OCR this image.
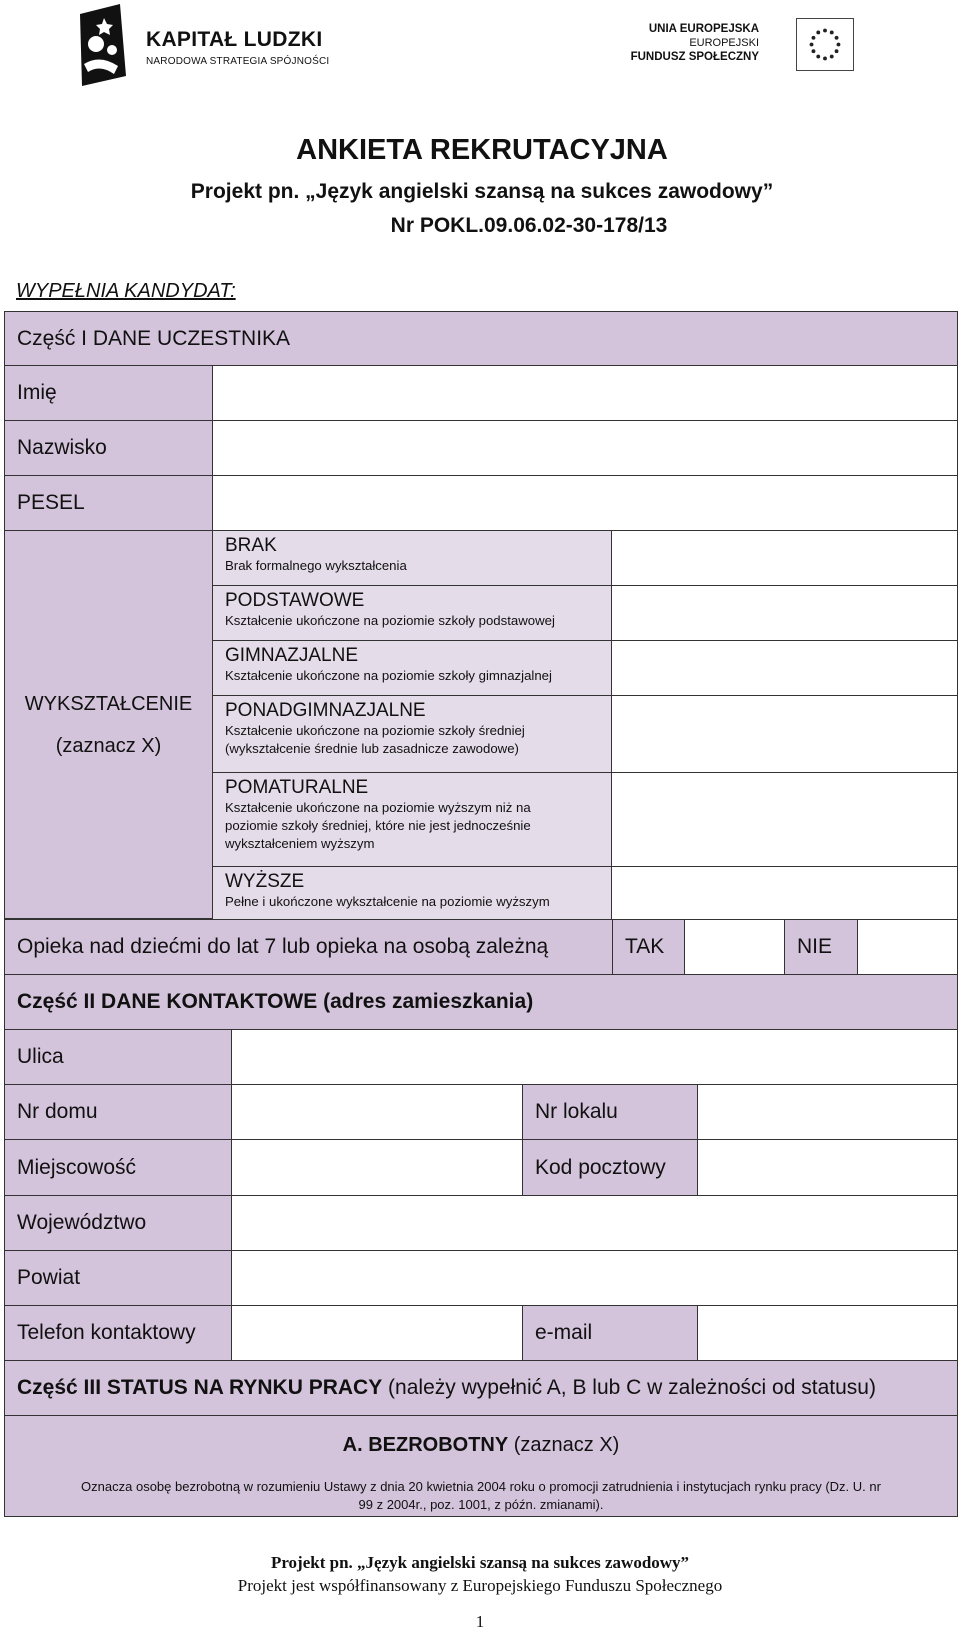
KAPITAŁ LUDZKI
NARODOWA STRATEGIA SPÓJNOŚCI
UNIA EUROPEJSKA
EUROPEJSKI
FUNDUSZ SPOŁECZNY
ANKIETA REKRUTACYJNA
Projekt pn. „Język angielski szansą na sukces zawodowy”
Nr POKL.09.06.02-30-178/13
WYPEŁNIA KANDYDAT:
Część I DANE UCZESTNIKA
Imię
Nazwisko
PESEL
WYKSZTAŁCENIE
(zaznacz X)
BRAK
Brak formalnego wykształcenia
PODSTAWOWE
Kształcenie ukończone na poziomie szkoły podstawowej
GIMNAZJALNE
Kształcenie ukończone na poziomie szkoły gimnazjalnej
PONADGIMNAZJALNE
Kształcenie ukończone na poziomie szkoły średniej
(wykształcenie średnie lub zasadnicze zawodowe)
POMATURALNE
Kształcenie ukończone na poziomie wyższym niż na
poziomie szkoły średniej, które nie jest jednocześnie
wykształceniem wyższym
WYŻSZE
Pełne i ukończone wykształcenie na poziomie wyższym
Opieka nad dziećmi do lat 7 lub opieka na osobą zależną	TAK	NIE
Część II DANE KONTAKTOWE (adres zamieszkania)
Ulica
Nr domu	Nr lokalu
Miejscowość	Kod pocztowy
Województwo
Powiat
Telefon kontaktowy	e-mail
Część III STATUS NA RYNKU PRACY (należy wypełnić A, B lub C w zależności od statusu)
A. BEZROBOTNY (zaznacz X)
Oznacza osobę bezrobotną w rozumieniu Ustawy z dnia 20 kwietnia 2004 roku o promocji zatrudnienia i instytucjach rynku pracy (Dz. U. nr
99 z 2004r., poz. 1001, z późn. zmianami).
Projekt pn. „Język angielski szansą na sukces zawodowy”
Projekt jest współfinansowany z Europejskiego Funduszu Społecznego
1
